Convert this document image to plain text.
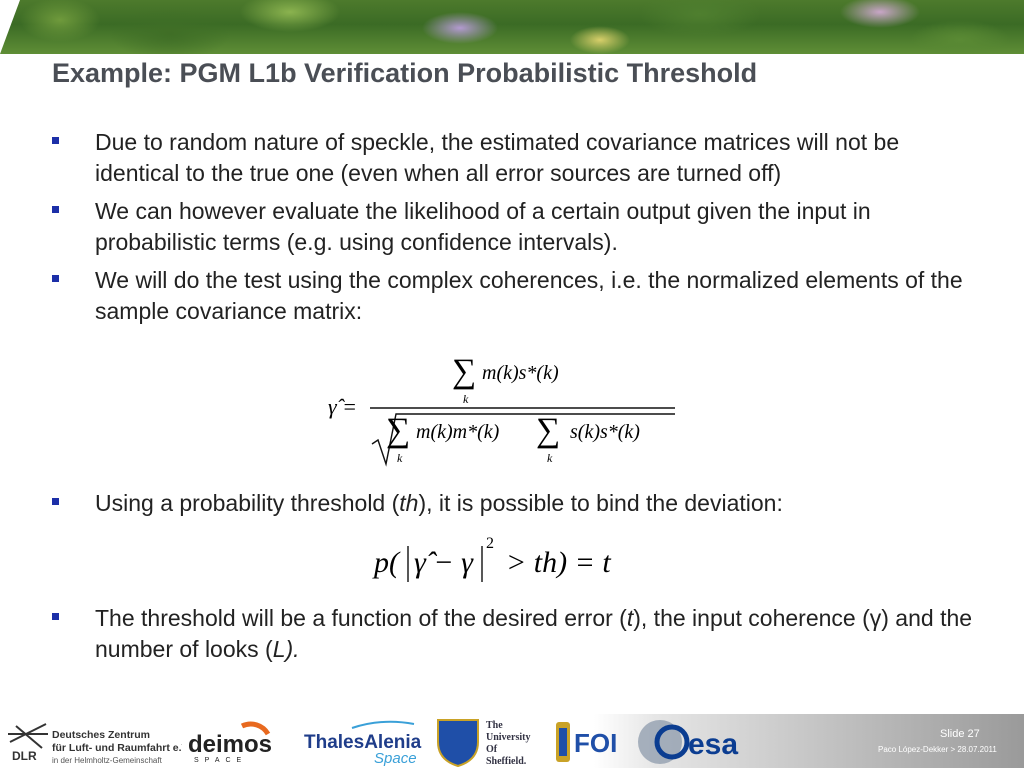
Example: PGM L1b Verification Probabilistic Threshold
Due to random nature of speckle, the estimated covariance matrices will not be identical to the true one (even when all error sources are turned off)
We can however evaluate the likelihood of a certain output given the input in probabilistic terms (e.g. using confidence intervals).
We will do the test using the complex coherences, i.e. the normalized elements of the sample covariance matrix:
γ̂ =
∑
k
m(k)s*(k)
∑
k
m(k)m*(k) ∑
k
s(k)s*(k)
Using a probability threshold (th), it is possible to bind the deviation:
p( γ̂ − γ
2
> th) = t
The threshold will be a function of the desired error (t), the input coherence (γ) and the number of looks (L).
DLR
Deutsches Zentrum
für Luft- und Raumfahrt e.V.
in der Helmholtz-Gemeinschaft
deimos
SPACE
ThalesAlenia
Space
The
University
Of
Sheffield.
FOI esa	Slide 27
Paco López-Dekker > 28.07.2011
